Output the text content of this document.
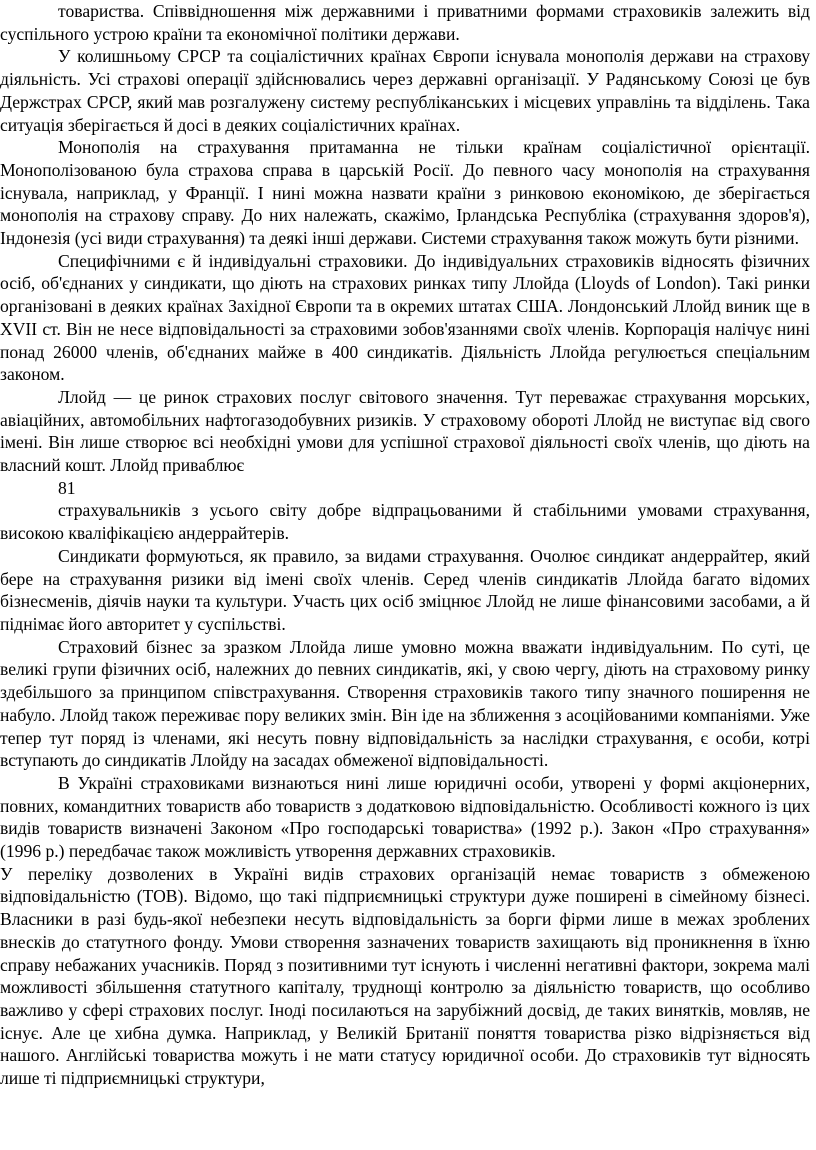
товариства. Співвідношення між державними і приватними формами страховиків залежить від суспільного устрою країни та економічної політики держави.

У колишньому СРСР та соціалістичних країнах Європи існувала монополія держави на страхову діяльність. Усі страхові операції здійснювались через державні організації. У Радянському Союзі це був Держстрах СРСР, який мав розгалужену систему республіканських і місцевих управлінь та відділень. Така ситуація зберігається й досі в деяких соціалістичних країнах.

Монополія на страхування притаманна не тільки країнам соціалістичної орієнтації. Монополізованою була страхова справа в царській Росії. До певного часу монополія на страхування існувала, наприклад, у Франції. І нині можна назвати країни з ринковою економікою, де зберігається монополія на страхову справу. До них належать, скажімо, Ірландська Республіка (страхування здоров'я), Індонезія (усі види страхування) та деякі інші держави. Системи страхування також можуть бути різними.

Специфічними є й індивідуальні страховики. До індивідуальних страховиків відносять фізичних осіб, об'єднаних у синдикати, що діють на страхових ринках типу Ллойда (Lloyds of London). Такі ринки організовані в деяких країнах Західної Європи та в окремих штатах США. Лондонський Ллойд виник ще в XVII ст. Він не несе відповідальності за страховими зобов'язаннями своїх членів. Корпорація налічує нині понад 26000 членів, об'єднаних майже в 400 синдикатів. Діяльність Ллойда регулюється спеціальним законом.

Ллойд — це ринок страхових послуг світового значення. Тут переважає страхування морських, авіаційних, автомобільних нафтогазодобувних ризиків. У страховому обороті Ллойд не виступає від свого імені. Він лише створює всі необхідні умови для успішної страхової діяльності своїх членів, що діють на власний кошт. Ллойд приваблює

81

страхувальників з усього світу добре відпрацьованими й стабільними умовами страхування, високою кваліфікацією андеррайтерів.

Синдикати формуються, як правило, за видами страхування. Очолює синдикат андеррайтер, який бере на страхування ризики від імені своїх членів. Серед членів синдикатів Ллойда багато відомих бізнесменів, діячів науки та культури. Участь цих осіб зміцнює Ллойд не лише фінансовими засобами, а й піднімає його авторитет у суспільстві.

Страховий бізнес за зразком Ллойда лише умовно можна вважати індивідуальним. По суті, це великі групи фізичних осіб, належних до певних синдикатів, які, у свою чергу, діють на страховому ринку здебільшого за принципом співстрахування. Створення страховиків такого типу значного поширення не набуло. Ллойд також переживає пору великих змін. Він іде на зближення з асоційованими компаніями. Уже тепер тут поряд із членами, які несуть повну відповідальність за наслідки страхування, є особи, котрі вступають до синдикатів Ллойду на засадах обмеженої відповідальності.

В Україні страховиками визнаються нині лише юридичні особи, утворені у формі акціонерних, повних, командитних товариств або товариств з додатковою відповідальністю. Особливості кожного із цих видів товариств визначені Законом «Про господарські товариства» (1992 р.). Закон «Про страхування» (1996 р.) передбачає також можливість утворення державних страховиків.

У переліку дозволених в Україні видів страхових організацій немає товариств з обмеженою відповідальністю (ТОВ). Відомо, що такі підприємницькі структури дуже поширені в сімейному бізнесі. Власники в разі будь-якої небезпеки несуть відповідальність за борги фірми лише в межах зроблених внесків до статутного фонду. Умови створення зазначених товариств захищають від проникнення в їхню справу небажаних учасників. Поряд з позитивними тут існують і численні негативні фактори, зокрема малі можливості збільшення статутного капіталу, труднощі контролю за діяльністю товариств, що особливо важливо у сфері страхових послуг. Іноді посилаються на зарубіжний досвід, де таких винятків, мовляв, не існує. Але це хибна думка. Наприклад, у Великій Британії поняття товариства різко відрізняється від нашого. Англійські товариства можуть і не мати статусу юридичної особи. До страховиків тут відносять лише ті підприємницькі структури,
